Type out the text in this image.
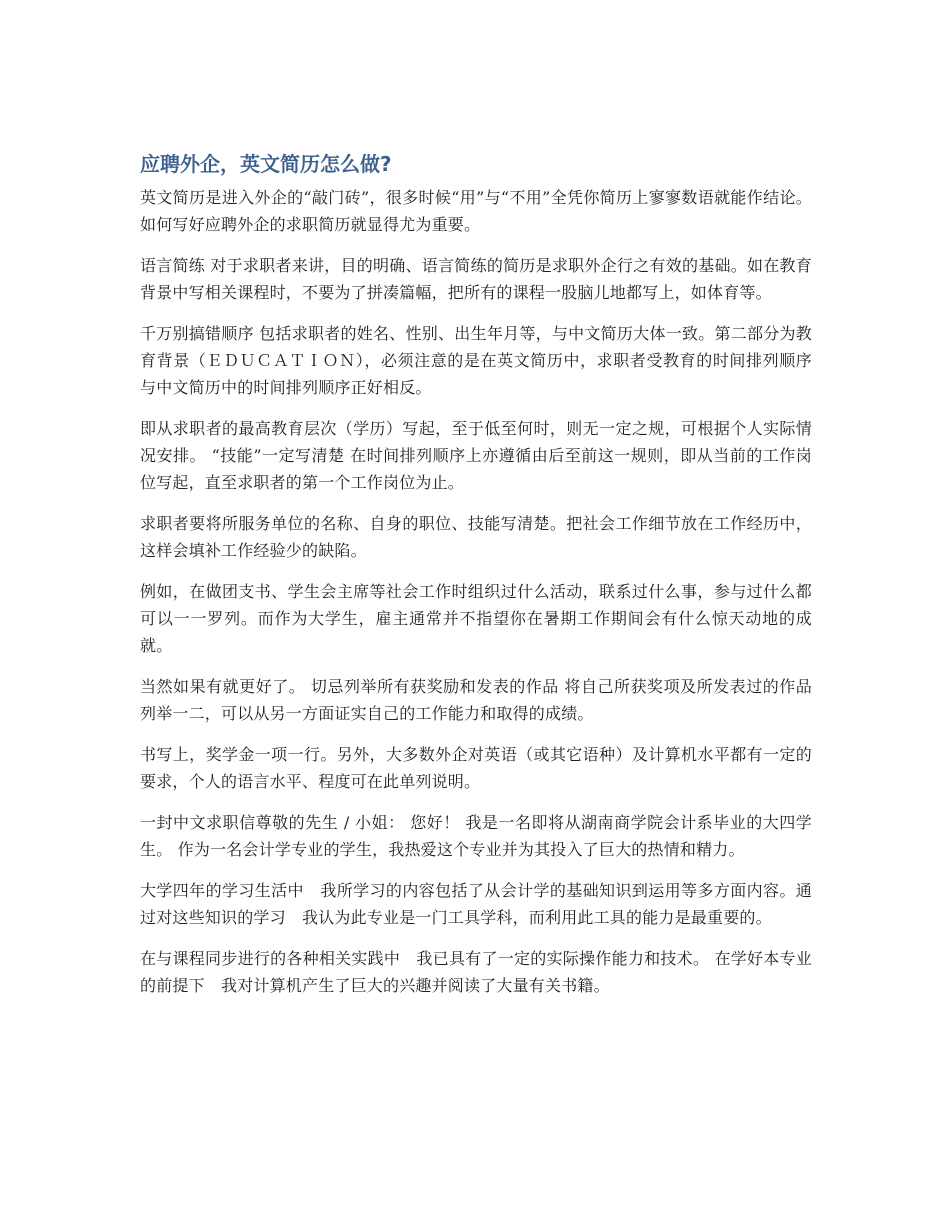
应聘外企，英文简历怎么做?

英文简历是进入外企的“敲门砖”，很多时候“用”与“不用”全凭你简历上寥寥数语就能作结论。如何写好应聘外企的求职简历就显得尤为重要。

语言简练 对于求职者来讲，目的明确、语言简练的简历是求职外企行之有效的基础。如在教育背景中写相关课程时，不要为了拼凑篇幅，把所有的课程一股脑儿地都写上，如体育等。

千万别搞错顺序 包括求职者的姓名、性别、出生年月等，与中文简历大体一致。第二部分为教育背景（ＥＤＵＣＡＴＩＯＮ），必须注意的是在英文简历中，求职者受教育的时间排列顺序与中文简历中的时间排列顺序正好相反。

即从求职者的最高教育层次（学历）写起，至于低至何时，则无一定之规，可根据个人实际情况安排。 “技能”一定写清楚 在时间排列顺序上亦遵循由后至前这一规则，即从当前的工作岗位写起，直至求职者的第一个工作岗位为止。

求职者要将所服务单位的名称、自身的职位、技能写清楚。把社会工作细节放在工作经历中，这样会填补工作经验少的缺陷。

例如，在做团支书、学生会主席等社会工作时组织过什么活动，联系过什么事，参与过什么都可以一一罗列。而作为大学生，雇主通常并不指望你在暑期工作期间会有什么惊天动地的成就。

当然如果有就更好了。 切忌列举所有获奖励和发表的作品 将自己所获奖项及所发表过的作品列举一二，可以从另一方面证实自己的工作能力和取得的成绩。

书写上，奖学金一项一行。另外，大多数外企对英语（或其它语种）及计算机水平都有一定的要求，个人的语言水平、程度可在此单列说明。

一封中文求职信尊敬的先生 / 小姐： 您好！ 我是一名即将从湖南商学院会计系毕业的大四学生。 作为一名会计学专业的学生，我热爱这个专业并为其投入了巨大的热情和精力。

大学四年的学习生活中　我所学习的内容包括了从会计学的基础知识到运用等多方面内容。通过对这些知识的学习　我认为此专业是一门工具学科，而利用此工具的能力是最重要的。

在与课程同步进行的各种相关实践中　我已具有了一定的实际操作能力和技术。 在学好本专业的前提下　我对计算机产生了巨大的兴趣并阅读了大量有关书籍。
